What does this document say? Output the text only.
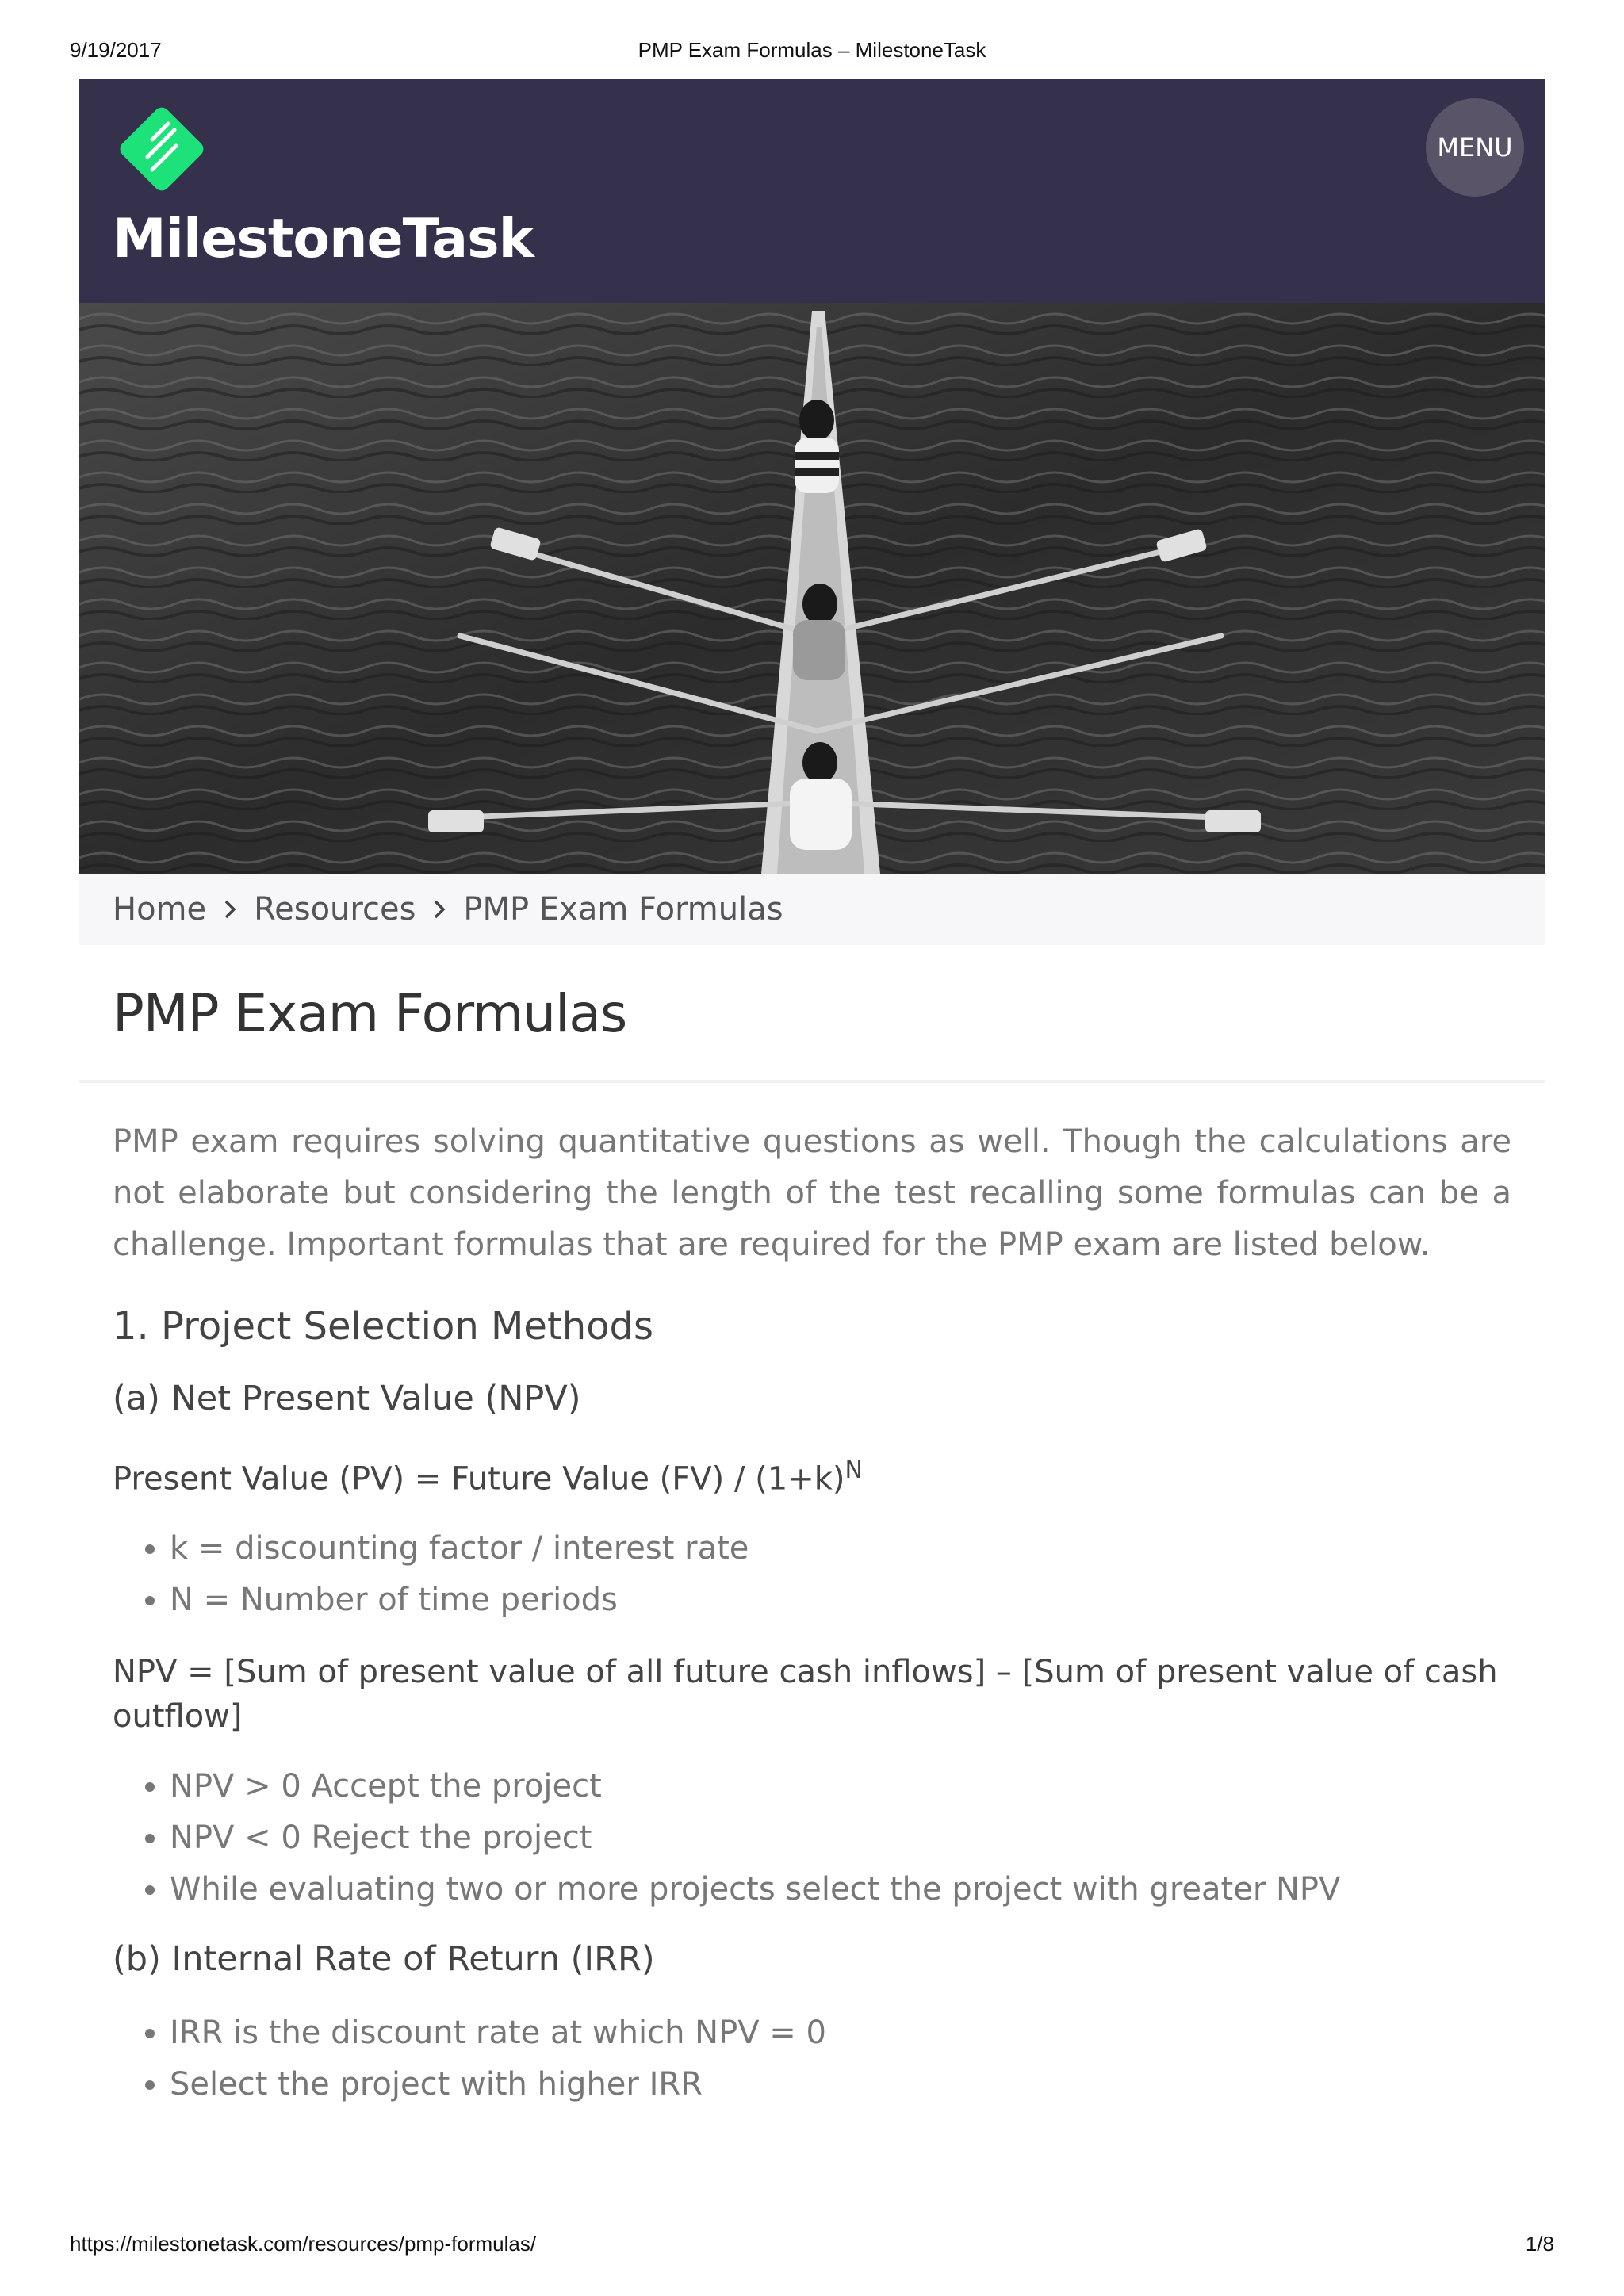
9/19/2017	PMP Exam Formulas – MilestoneTask
MilestoneTask
MENU
Home Resources PMP Exam Formulas
PMP Exam Formulas

PMP exam requires solving quantitative questions as well. Though the calculations are not elaborate but considering the length of the test recalling some formulas can be a challenge. Important formulas that are required for the PMP exam are listed below.

1. Project Selection Methods
(a) Net Present Value (NPV)

Present Value (PV) = Future Value $(FV) / (1+k)^N$

• k = discounting factor / interest rate
• N = Number of time periods

NPV = [Sum of present value of all future cash inflows] – [Sum of present value of cash outflow]

• NPV > 0 Accept the project
• NPV < 0 Reject the project
• While evaluating two or more projects select the project with greater NPV
(b) Internal Rate of Return (IRR)
• IRR is the discount rate at which NPV = 0
• Select the project with higher IRR
https://milestonetask.com/resources/pmp-formulas/	1/8
